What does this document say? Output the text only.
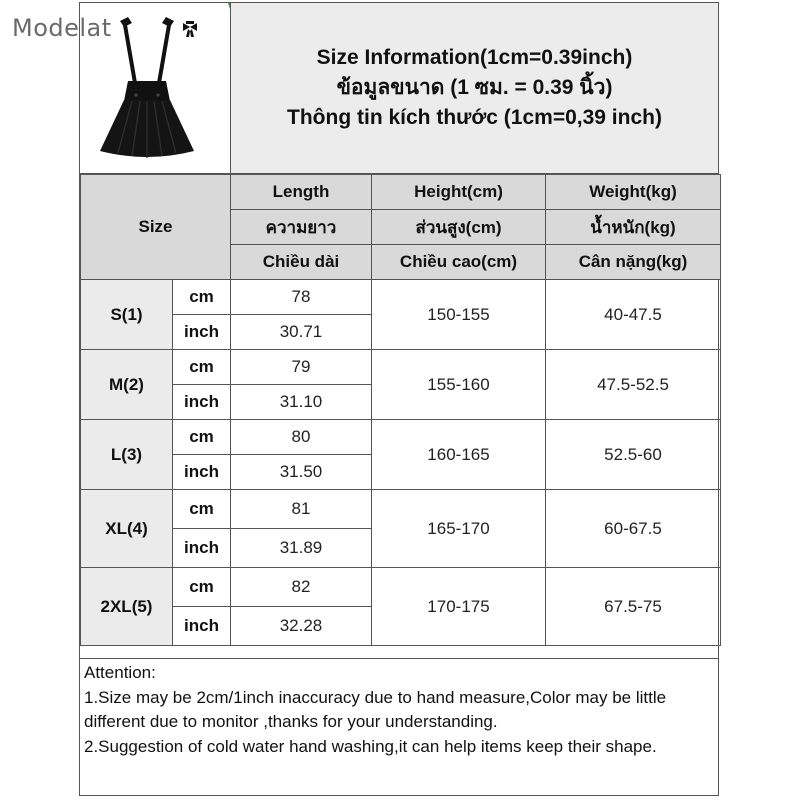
Modelat
Size Information(1cm=0.39inch)
ข้อมูลขนาด (1 ซม. = 0.39 นิ้ว)
Thông tin kích thước (1cm=0,39 inch)
Size		Length	Height(cm)	Weight(kg)
		ความยาว	ส่วนสูง(cm)	น้ำหนัก(kg)
		Chiều dài	Chiều cao(cm)	Cân nặng(kg)
S(1)	cm	78	150-155	40-47.5
	inch	30.71		
M(2)	cm	79	155-160	47.5-52.5
	inch	31.10		
L(3)	cm	80	160-165	52.5-60
	inch	31.50		
XL(4)	cm	81	165-170	60-67.5
	inch	31.89		
2XL(5)	cm	82	170-175	67.5-75
	inch	32.28		
Attention:
1.Size may be 2cm/1inch inaccuracy due to hand measure,Color may be little different due to monitor ,thanks for your understanding.
2.Suggestion of cold water hand washing,it can help items keep their shape.
